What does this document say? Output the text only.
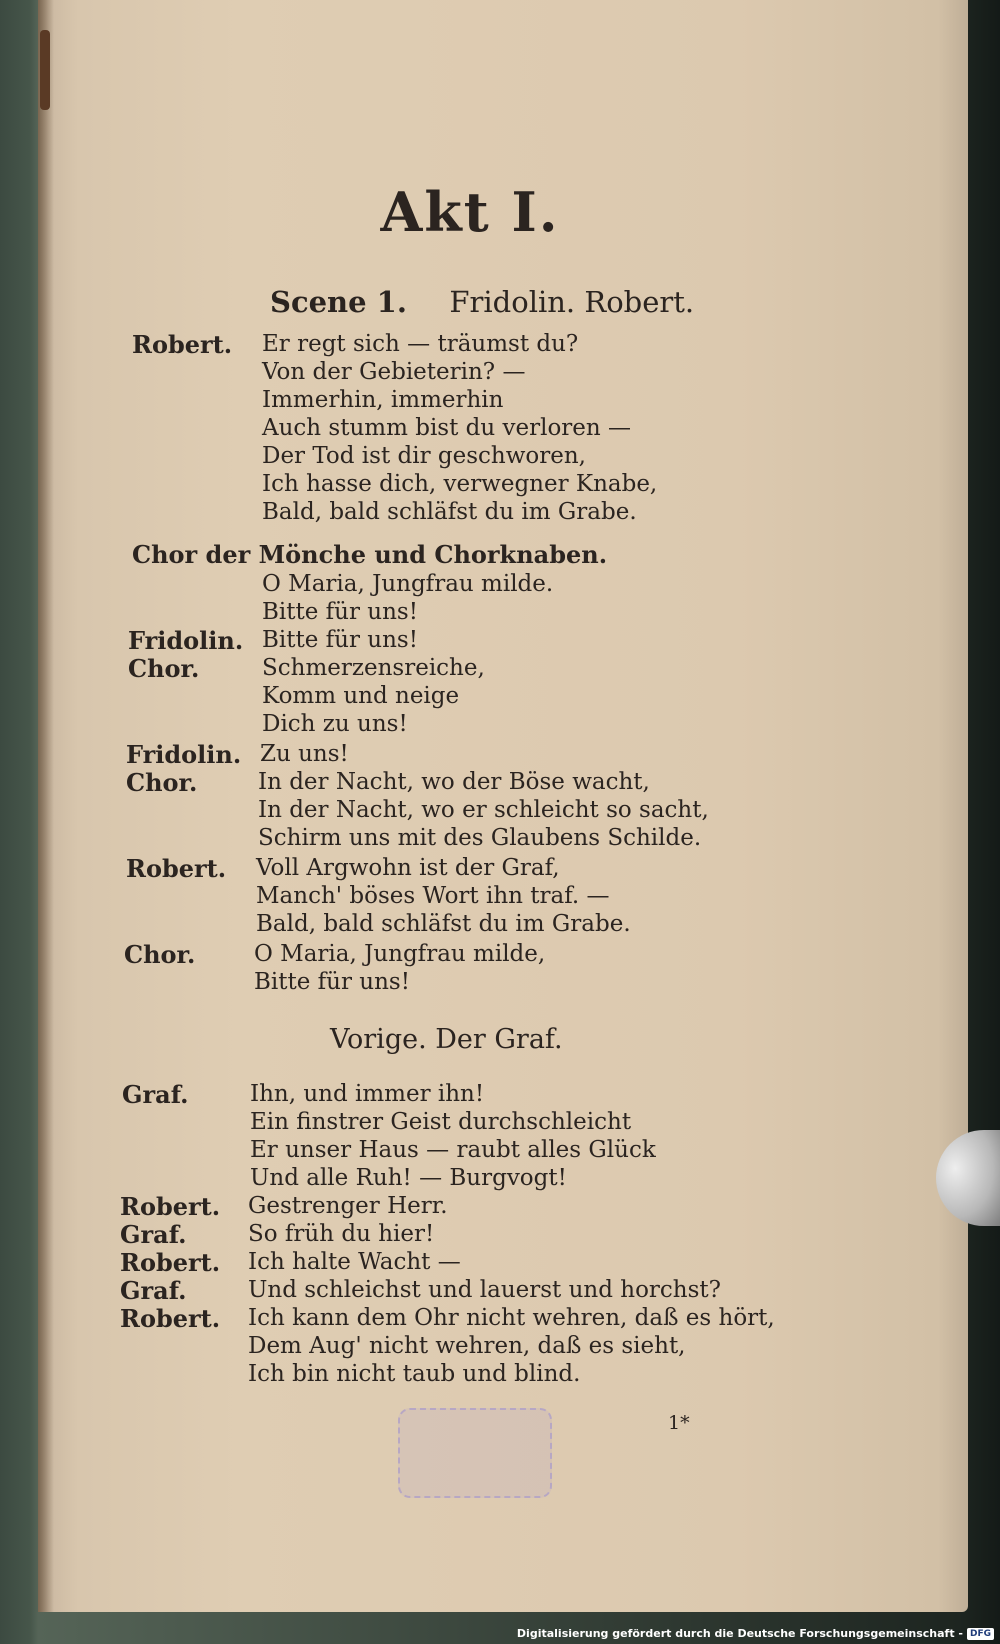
Akt I.
Scene 1. Fridolin. Robert.
Robert. Er regt sich — träumst du?
Von der Gebieterin? —
Immerhin, immerhin
Auch stumm bist du verloren —
Der Tod ist dir geschworen,
Ich hasse dich, verwegner Knabe,
Bald, bald schläfst du im Grabe.
Chor der Mönche und Chorknaben.
O Maria, Jungfrau milde.
Bitte für uns!
Fridolin. Bitte für uns!
Chor.	Schmerzensreiche,
Komm und neige
Dich zu uns!
Fridolin. Zu uns!
Chor.	In der Nacht, wo der Böse wacht,
In der Nacht, wo er schleicht so sacht,
Schirm uns mit des Glaubens Schilde.
Robert. Voll Argwohn ist der Graf,
Manch' böses Wort ihn traf. —
Bald, bald schläfst du im Grabe.
Chor.	O Maria, Jungfrau milde,
Bitte für uns!
Vorige. Der Graf.
Graf.	Ihn, und immer ihn!
Ein finstrer Geist durchschleicht
Er unser Haus — raubt alles Glück
Und alle Ruh! — Burgvogt!
Robert. Gestrenger Herr.
Graf.	So früh du hier!
Robert. Ich halte Wacht —
Graf.	Und schleichst und lauerst und horchst?
Robert. Ich kann dem Ohr nicht wehren, daß es hört,
Dem Aug' nicht wehren, daß es sieht,
Ich bin nicht taub und blind.
1*
Digitalisierung gefördert durch die Deutsche Forschungsgemeinschaft - DFG
